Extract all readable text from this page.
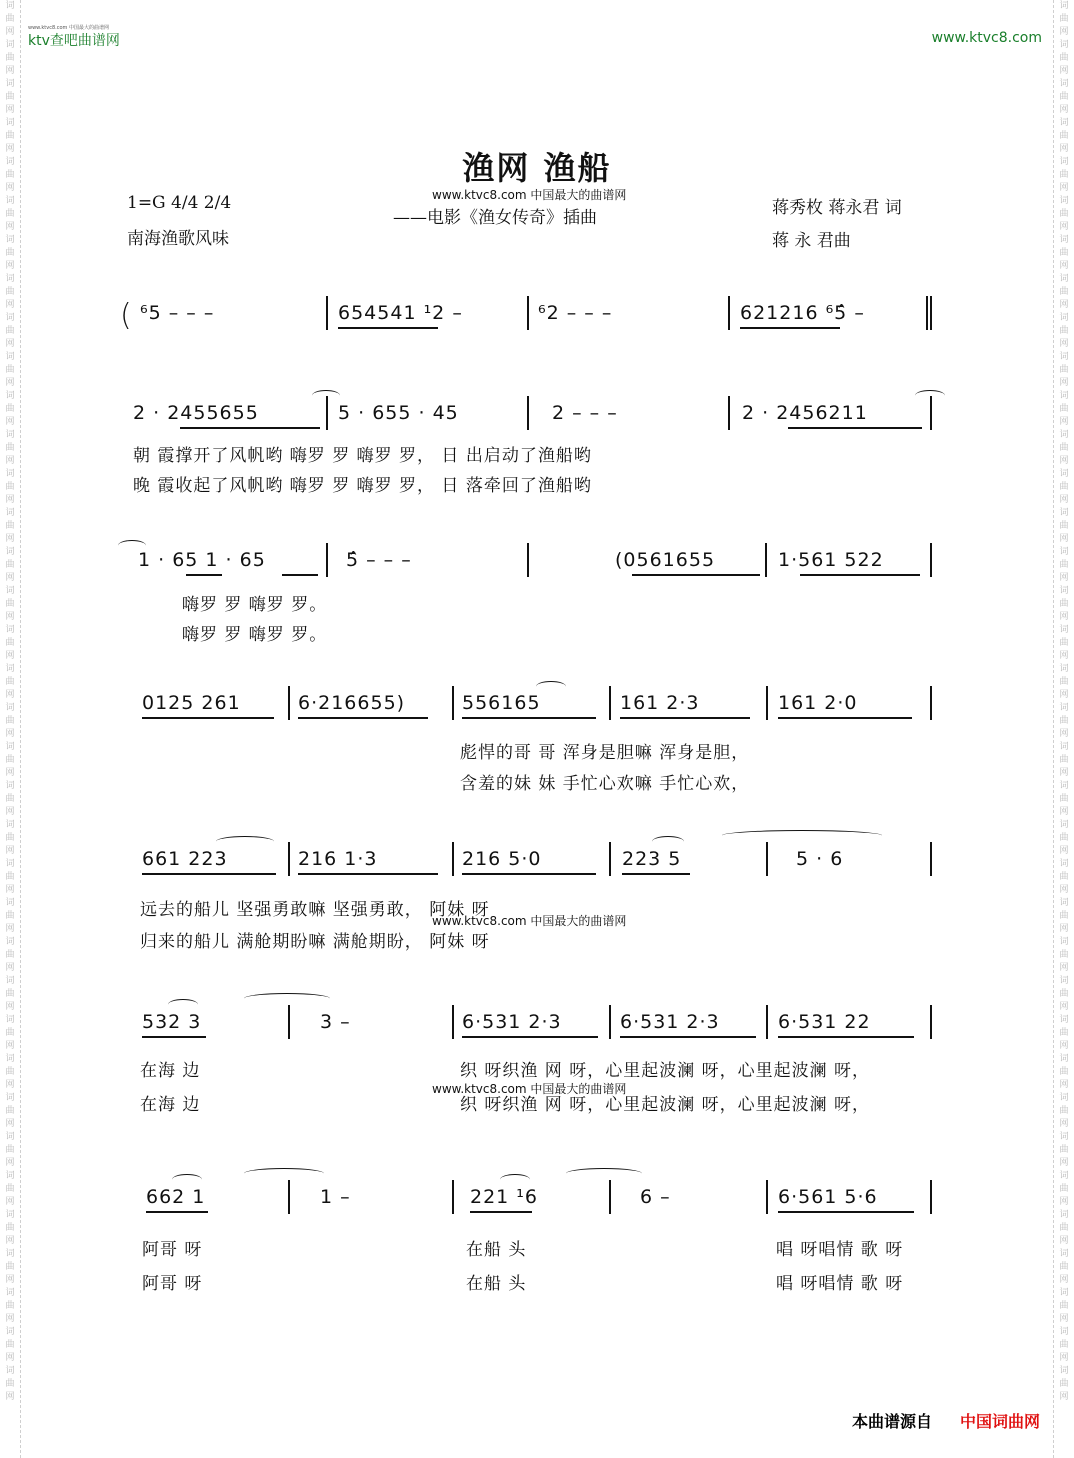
词
曲
网
词
曲
网
词
曲
网
词
曲
网
词
曲
网
词
曲
网
词
曲
网
词
曲
网
词
曲
网
词
曲
网
词
曲
网
词
曲
网
词
曲
网
词
曲
网
词
曲
网
词
曲
网
词
曲
网
词
曲
网
词
曲
网
词
曲
网
词
曲
网
词
曲
网
词
曲
网
词
曲
网
词
曲
网
词
曲
网
词
曲
网
词
曲
网
词
曲
网
词
曲
网
词
曲
网
词
曲
网
词
曲
网
词
曲
网
词
曲
网
词
曲
网
词
曲
网
词
曲
网
词
曲
网
词
曲
网
词
曲
网
词
曲
网
词
曲
网
词
曲
网
词
曲
网
词
曲
网
词
曲
网
词
曲
网
词
曲
网
词
曲
网
词
曲
网
词
曲
网
词
曲
网
词
曲
网
词
曲
网
词
曲
网
词
曲
网
词
曲
网
词
曲
网
词
曲
网
词
曲
网
词
曲
网
词
曲
网
词
曲
网
词
曲
网
词
曲
网
词
曲
网
词
曲
网
词
曲
网
词
曲
网
词
曲
网
词
曲
网
www.ktvc8.com 中国最大的曲谱网
ktv查吧曲谱网	www.ktvc8.com
渔网 渔船
www.ktvc8.com 中国最大的曲谱网
1=G 4/4 2/4
南海渔歌风味
——电影《渔女传奇》插曲	蒋秀枚 蒋永君 词
蒋 永 君曲
( ⁶5 – – –	654541 ¹2 –	⁶2 – – –	621216 ⁶5̂ –
2 · 2455655	5 · 655 · 45	2 – – –	2 · 2456211
朝 霞撑开了风帆哟 嗨罗 罗 嗨罗 罗， 日 出启动了渔船哟
晚 霞收起了风帆哟 嗨罗 罗 嗨罗 罗， 日 落牵回了渔船哟
1 · 65 1 · 65	5̂ – – –	(0561655	1·561 522
嗨罗 罗 嗨罗 罗。
嗨罗 罗 嗨罗 罗。
0125 261	6·216655)	556165	161 2·3	161 2·0
彪悍的哥 哥 浑身是胆嘛 浑身是胆，
含羞的妹 妹 手忙心欢嘛 手忙心欢，
661 223	216 1·3	216 5·0	223 5	5 · 6
远去的船儿 坚强勇敢嘛 坚强勇敢， 阿妹 呀
www.ktvc8.com 中国最大的曲谱网
归来的船儿 满舱期盼嘛 满舱期盼， 阿妹 呀
532 3	3 –	6·531 2·3	6·531 2·3	6·531 22
在海 边	织 呀织渔 网 呀，心里起波澜 呀，心里起波澜 呀，
www.ktvc8.com 中国最大的曲谱网
在海 边	织 呀织渔 网 呀，心里起波澜 呀，心里起波澜 呀，
662 1	1 –	221 ¹6	6 –	6·561 5·6
阿哥 呀	在船 头	唱 呀唱情 歌 呀
阿哥 呀	在船 头	唱 呀唱情 歌 呀
本曲谱源自 中国词曲网
